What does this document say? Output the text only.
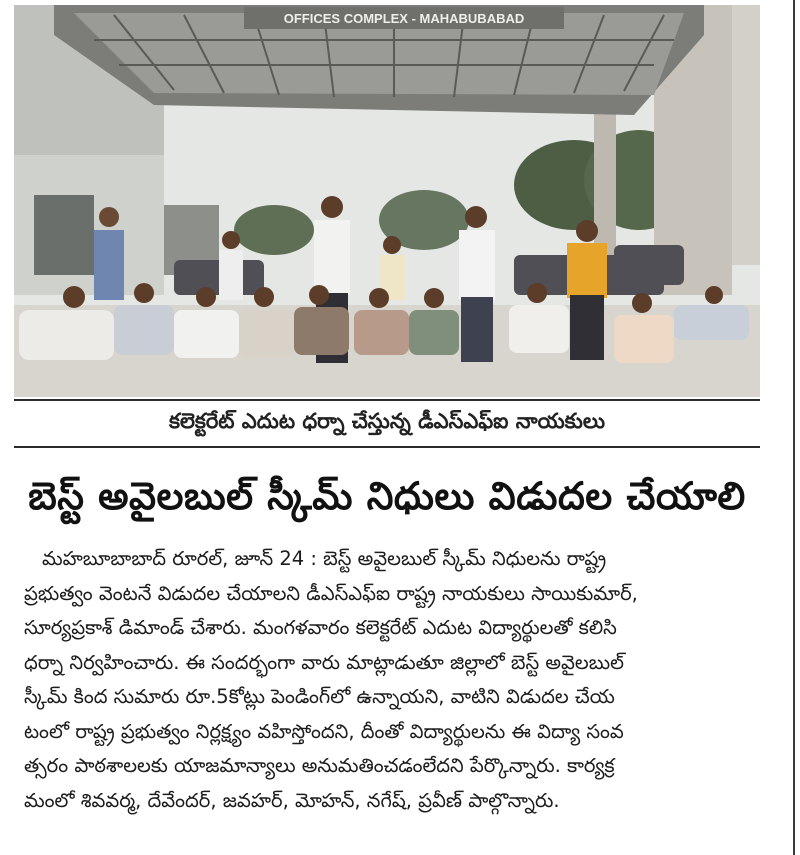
OFFICES COMPLEX - MAHABUBABAD
కలెక్టరేట్ ఎదుట ధర్నా చేస్తున్న డీఎస్ఎఫ్ఐ నాయకులు
బెస్ట్ అవైలబుల్ స్కీమ్ నిధులు విడుదల చేయాలి
మహబూబాబాద్ రూరల్, జూన్ 24 : బెస్ట్ అవైలబుల్ స్కీమ్ నిధులను రాష్ట్ర
ప్రభుత్వం వెంటనే విడుదల చేయాలని డీఎస్ఎఫ్ఐ రాష్ట్ర నాయకులు సాయికుమార్,
సూర్యప్రకాశ్ డిమాండ్ చేశారు. మంగళవారం కలెక్టరేట్ ఎదుట విద్యార్థులతో కలిసి
ధర్నా నిర్వహించారు. ఈ సందర్భంగా వారు మాట్లాడుతూ జిల్లాలో బెస్ట్ అవైలబుల్
స్కీమ్ కింద సుమారు రూ.5కోట్లు పెండింగ్‌లో ఉన్నాయని, వాటిని విడుదల చేయ
టంలో రాష్ట్ర ప్రభుత్వం నిర్లక్ష్యం వహిస్తోందని, దీంతో విద్యార్థులను ఈ విద్యా సంవ
త్సరం పాఠశాలలకు యాజమాన్యాలు అనుమతించడంలేదని పేర్కొన్నారు. కార్యక్ర
మంలో శివవర్మ, దేవేందర్, జవహర్, మోహన్, నగేష్, ప్రవీణ్ పాల్గొన్నారు.
